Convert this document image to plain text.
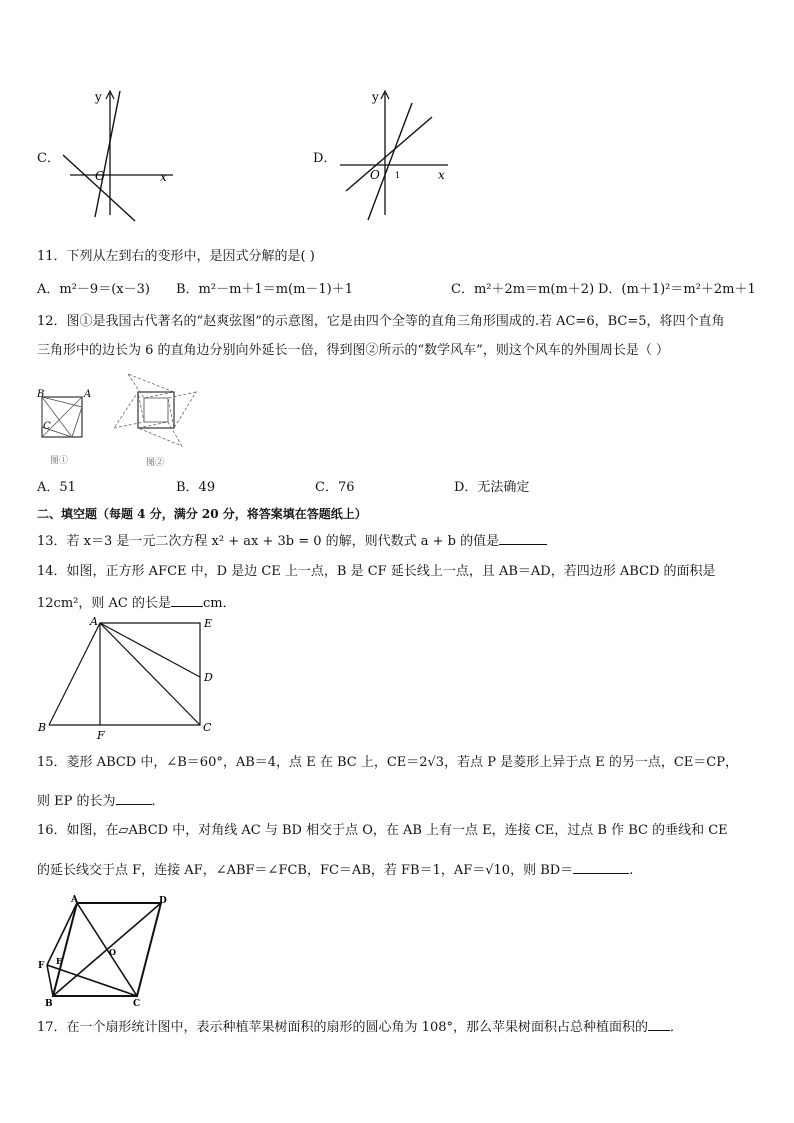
C．
y
x
O
D．
y
x
O 1
11．下列从左到右的变形中，是因式分解的是( )
A．m²－9＝(x－3) B．m²－m＋1＝m(m－1)＋1	C．m²＋2m＝m(m＋2) D．(m＋1)²＝m²＋2m＋1
12．图①是我国古代著名的“赵爽弦图”的示意图，它是由四个全等的直角三角形围成的.若 AC=6，BC=5，将四个直角
三角形中的边长为 6 的直角边分别向外延长一倍，得到图②所示的“数学风车”，则这个风车的外围周长是（ ）
B	A
C
图①	图②
A．51	B．49	C．76	D．无法确定
二、填空题（每题 4 分，满分 20 分，将答案填在答题纸上）
13．若 x＝3 是一元二次方程 x² + ax + 3b = 0 的解，则代数式 a + b 的值是
14．如图，正方形 AFCE 中，D 是边 CE 上一点，B 是 CF 延长线上一点，且 AB＝AD，若四边形 ABCD 的面积是
12cm²，则 AC 的长是 cm．
A	E
D
B
F
C
15．菱形 ABCD 中，∠B＝60°，AB＝4，点 E 在 BC 上，CE＝2√3，若点 P 是菱形上异于点 E 的另一点，CE＝CP，
则 EP 的长为	．
16．如图，在▱ABCD 中，对角线 AC 与 BD 相交于点 O，在 AB 上有一点 E，连接 CE，过点 B 作 BC 的垂线和 CE
的延长线交于点 F，连接 AF，∠ABF＝∠FCB，FC＝AB，若 FB＝1，AF＝√10，则 BD＝	.
A	D
O
F E
B	C
17．在一个扇形统计图中，表示种植苹果树面积的扇形的圆心角为 108°，那么苹果树面积占总种植面积的 ．
